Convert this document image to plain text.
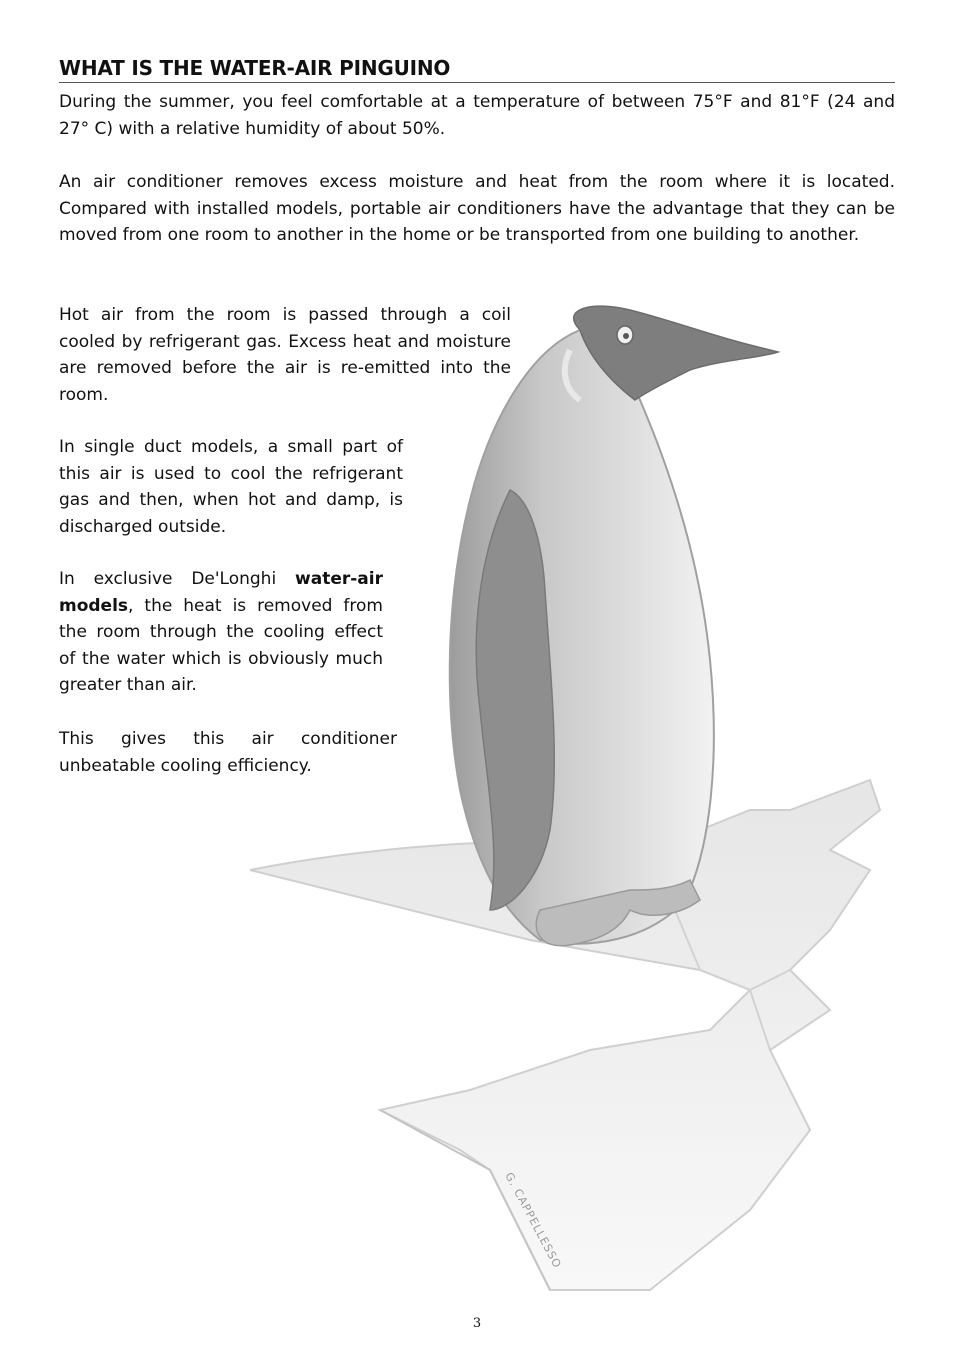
WHAT IS THE WATER-AIR PINGUINO

During the summer, you feel comfortable at a temperature of between 75°F and 81°F (24 and 27° C) with a relative humidity of about 50%.

An air conditioner removes excess moisture and heat from the room where it is located. Compared with installed models, portable air conditioners have the advantage that they can be moved from one room to another in the home or be transported from one building to another.

Hot air from the room is passed through a coil cooled by refrigerant gas. Excess heat and moisture are removed before the air is re-emitted into the room.

In single duct models, a small part of this air is used to cool the refrigerant gas and then, when hot and damp, is discharged outside.

In exclusive De'Longhi water-air models, the heat is removed from the room through the cooling effect of the water which is obviously much greater than air.

This gives this air conditioner unbeatable cooling efficiency.

G. CAPPELLESSO
3
